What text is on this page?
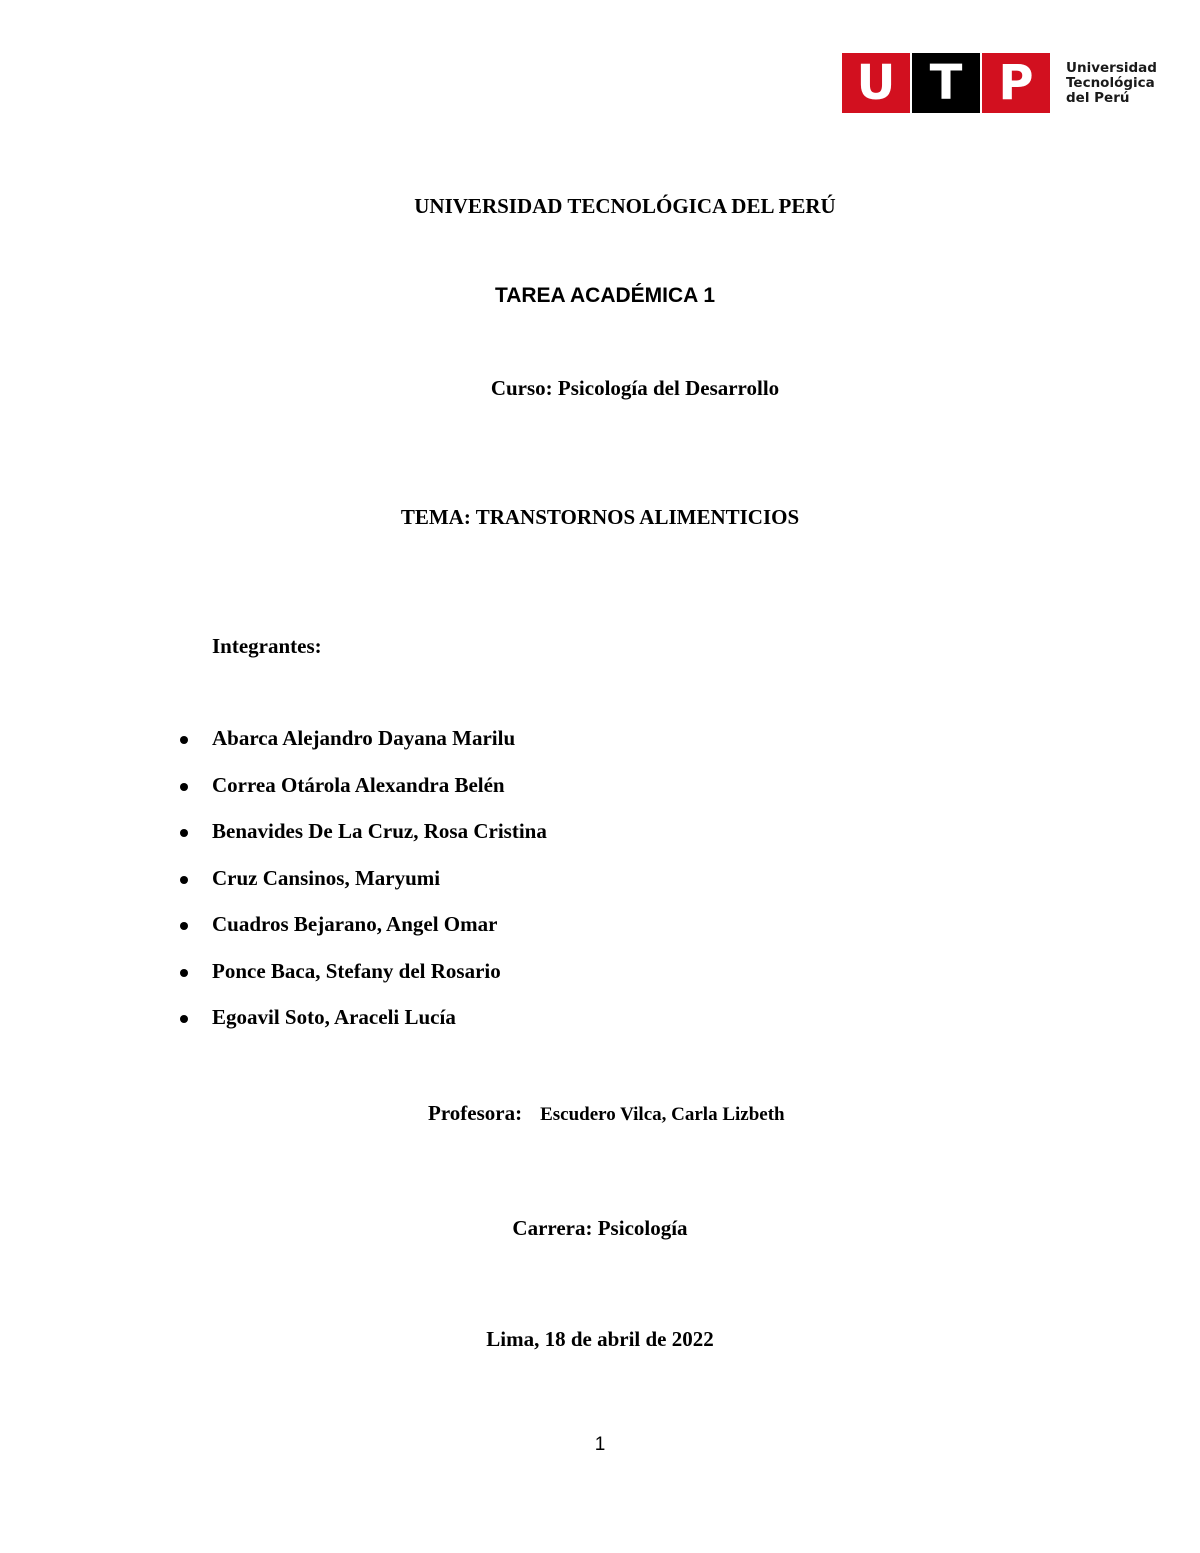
U T P	Universidad
Tecnológica
del Perú
UNIVERSIDAD TECNOLÓGICA DEL PERÚ
TAREA ACADÉMICA 1
Curso: Psicología del Desarrollo
TEMA: TRANSTORNOS ALIMENTICIOS
Integrantes:
Abarca Alejandro Dayana Marilu
Correa Otárola Alexandra Belén
Benavides De La Cruz, Rosa Cristina
Cruz Cansinos, Maryumi
Cuadros Bejarano, Angel Omar
Ponce Baca, Stefany del Rosario
Egoavil Soto, Araceli Lucía
Profesora: Escudero Vilca, Carla Lizbeth
Carrera: Psicología
Lima, 18 de abril de 2022
1
